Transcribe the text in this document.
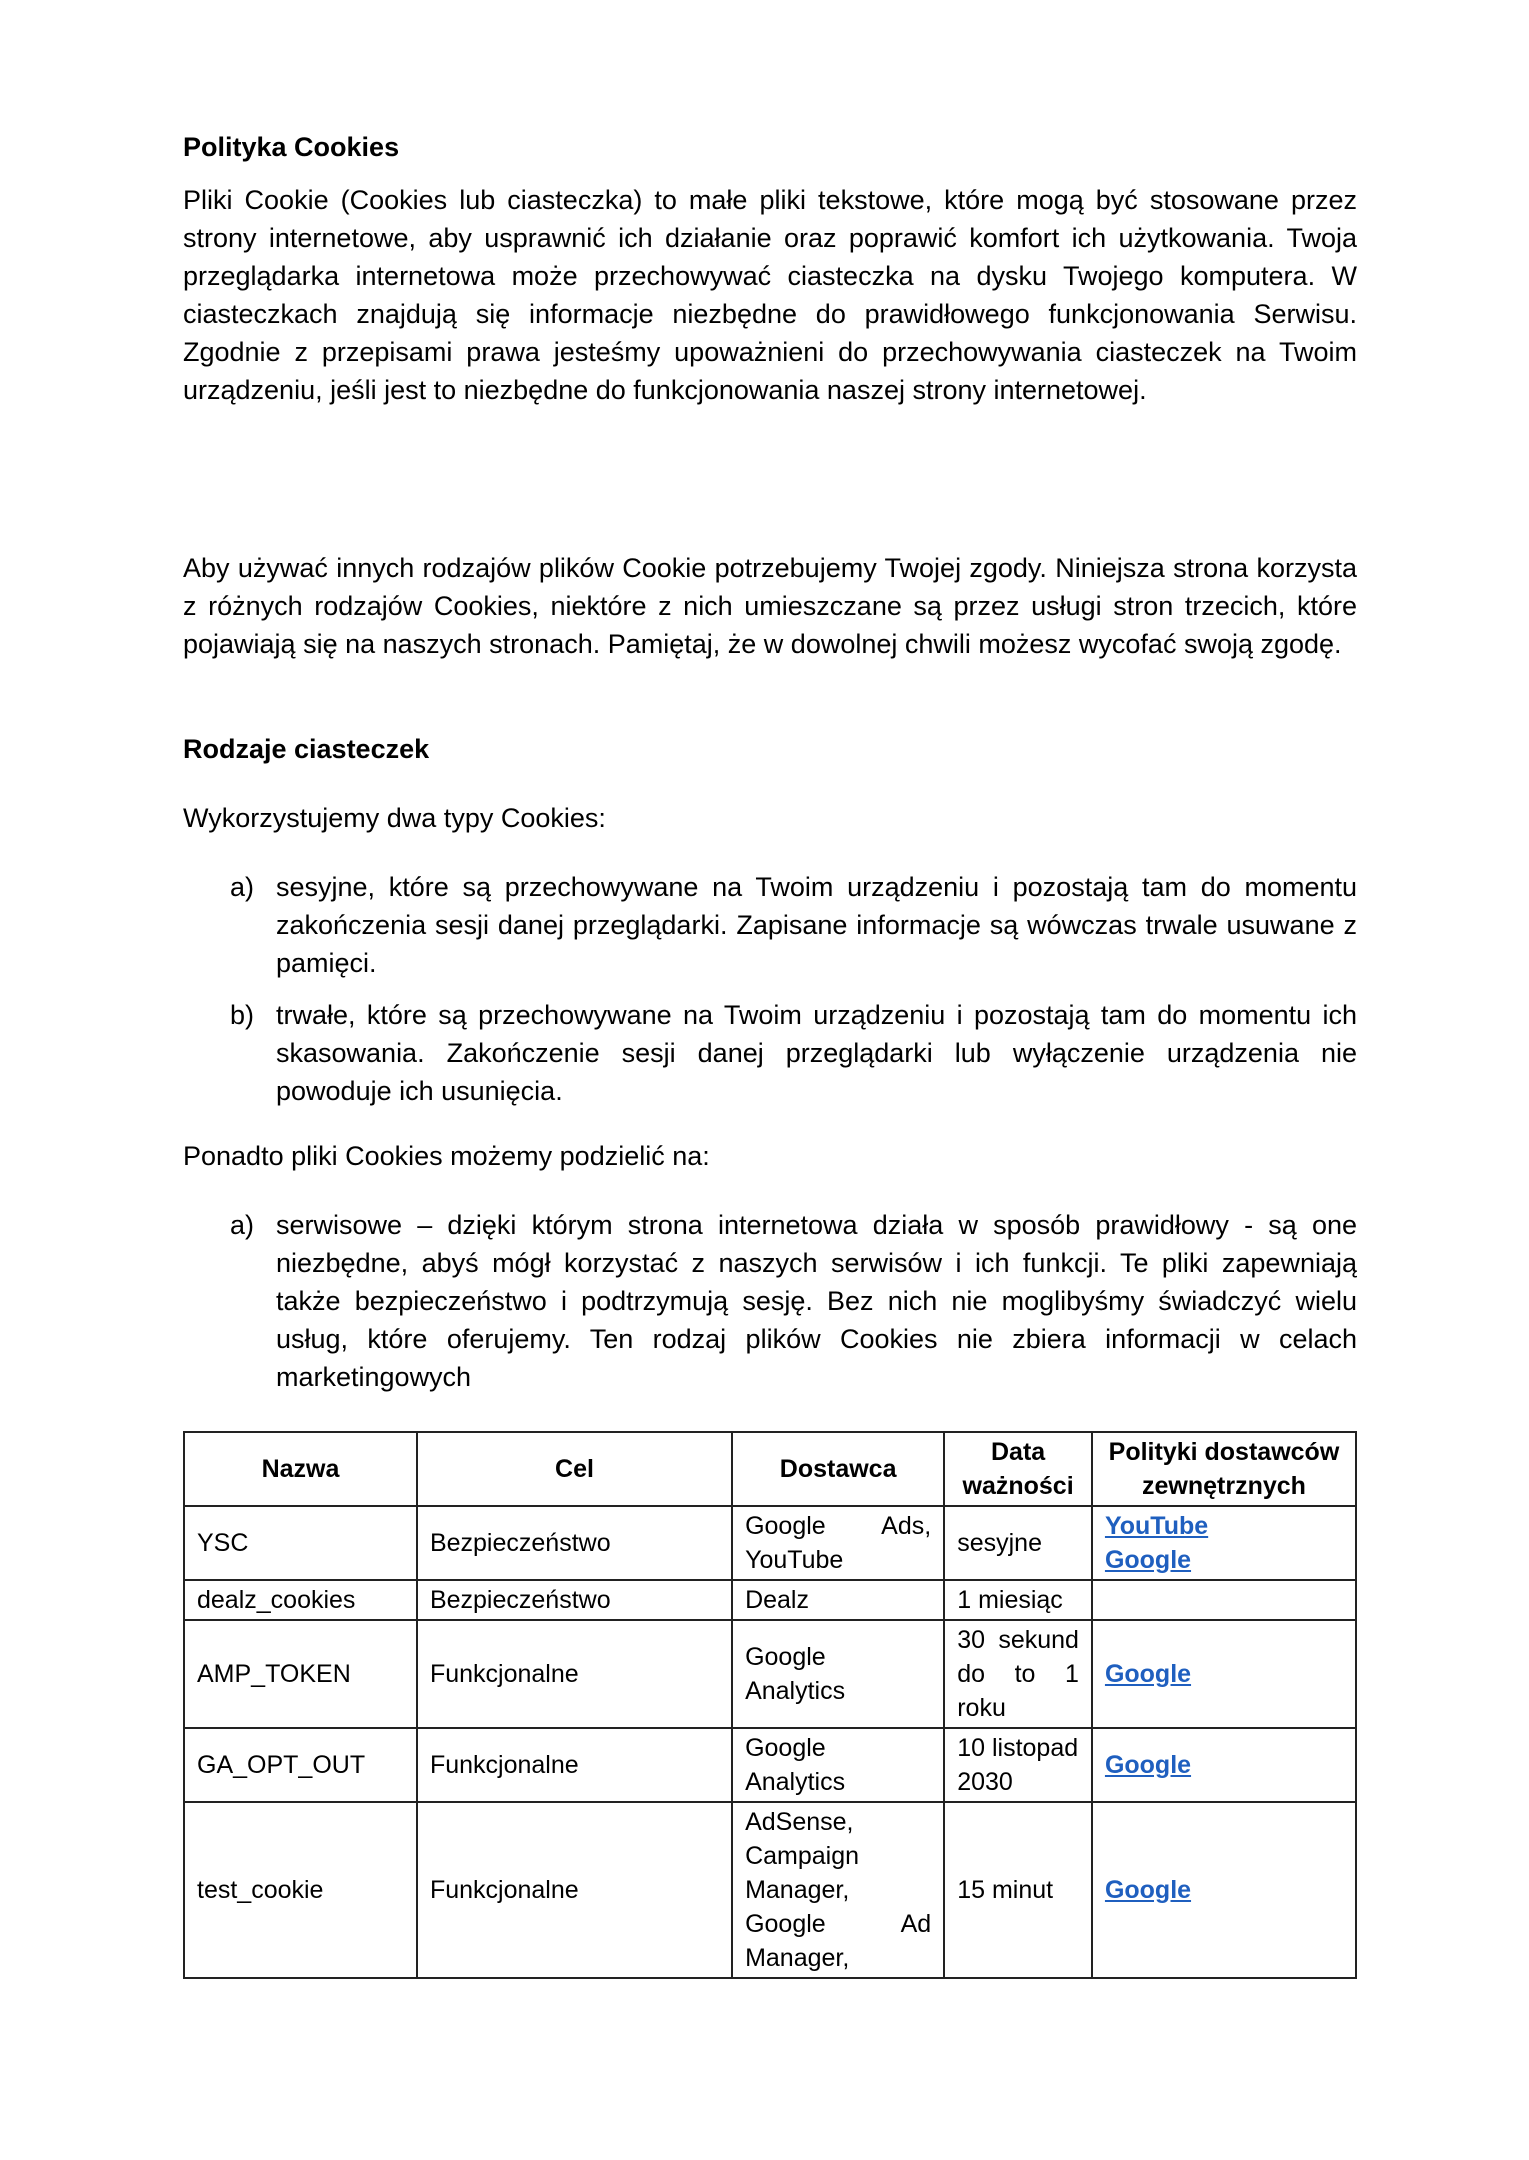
Polityka Cookies

Pliki Cookie (Cookies lub ciasteczka) to małe pliki tekstowe, które mogą być stosowane przez strony internetowe, aby usprawnić ich działanie oraz poprawić komfort ich użytkowania. Twoja przeglądarka internetowa może przechowywać ciasteczka na dysku Twojego komputera. W ciasteczkach znajdują się informacje niezbędne do prawidłowego funkcjonowania Serwisu. Zgodnie z przepisami prawa jesteśmy upoważnieni do przechowywania ciasteczek na Twoim urządzeniu, jeśli jest to niezbędne do funkcjonowania naszej strony internetowej.

Aby używać innych rodzajów plików Cookie potrzebujemy Twojej zgody. Niniejsza strona korzysta z różnych rodzajów Cookies, niektóre z nich umieszczane są przez usługi stron trzecich, które pojawiają się na naszych stronach. Pamiętaj, że w dowolnej chwili możesz wycofać swoją zgodę.

Rodzaje ciasteczek

Wykorzystujemy dwa typy Cookies:

a) sesyjne, które są przechowywane na Twoim urządzeniu i pozostają tam do momentu zakończenia sesji danej przeglądarki. Zapisane informacje są wówczas trwale usuwane z pamięci.
b) trwałe, które są przechowywane na Twoim urządzeniu i pozostają tam do momentu ich skasowania. Zakończenie sesji danej przeglądarki lub wyłączenie urządzenia nie powoduje ich usunięcia.

Ponadto pliki Cookies możemy podzielić na:

a) serwisowe – dzięki którym strona internetowa działa w sposób prawidłowy - są one niezbędne, abyś mógł korzystać z naszych serwisów i ich funkcji. Te pliki zapewniają także bezpieczeństwo i podtrzymują sesję. Bez nich nie moglibyśmy świadczyć wielu usług, które oferujemy. Ten rodzaj plików Cookies nie zbiera informacji w celach marketingowych
Nazwa	Cel	Dostawca	Data ważności	Polityki dostawców zewnętrznych
YSC	Bezpieczeństwo	Google Ads, YouTube	sesyjne	YouTube
Google

dealz_cookies	Bezpieczeństwo	Dealz	1 miesiąc	
AMP_TOKEN	Funkcjonalne	Google Analytics	30 sekund do to 1 roku	Google

GA_OPT_OUT	Funkcjonalne	Google Analytics	10 listopad 2030	Google

test_cookie	Funkcjonalne	AdSense, Campaign Manager, Google Ad Manager,	15 minut	Google
